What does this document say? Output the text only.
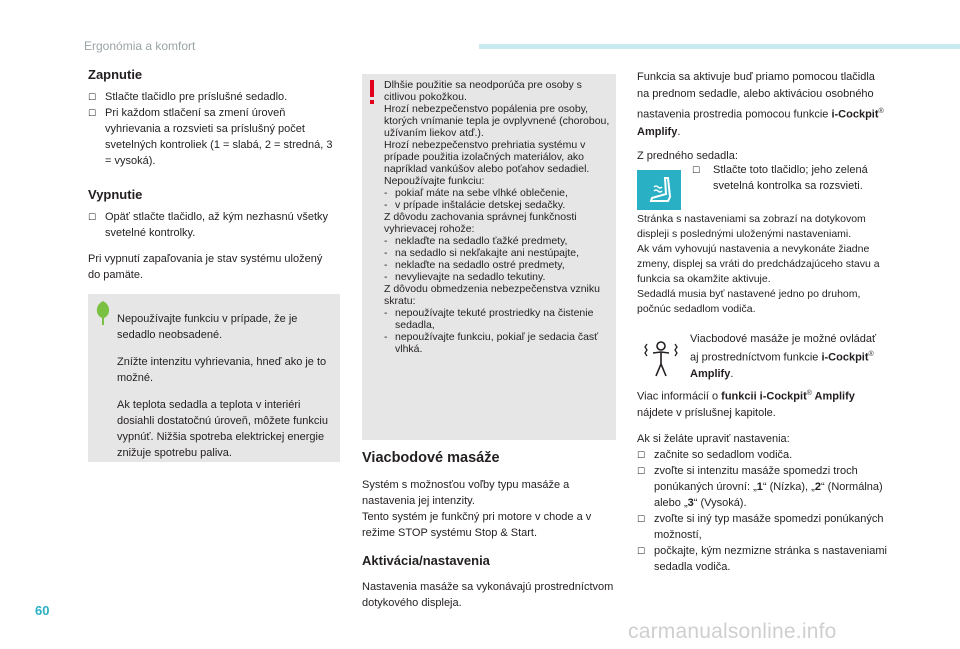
Ergonómia a komfort
Zapnutie
☐ Stlačte tlačidlo pre príslušné sedadlo.
☐ Pri každom stlačení sa zmení úroveň vyhrievania a rozsvieti sa príslušný počet svetelných kontroliek (1 = slabá, 2 = stredná, 3 = vysoká).
Vypnutie
☐ Opäť stlačte tlačidlo, až kým nezhasnú všetky svetelné kontrolky.

Pri vypnutí zapaľovania je stav systému uložený do pamäte.

Nepoužívajte funkciu v prípade, že je sedadlo neobsadené.

Znížte intenzitu vyhrievania, hneď ako je to možné.

Ak teplota sedadla a teplota v interiéri dosiahli dostatočnú úroveň, môžete funkciu vypnúť. Nižšia spotreba elektrickej energie znižuje spotrebu paliva.

Dlhšie použitie sa neodporúča pre osoby s citlivou pokožkou.

Hrozí nebezpečenstvo popálenia pre osoby, ktorých vnímanie tepla je ovplyvnené (chorobou, užívaním liekov atď.).

Hrozí nebezpečenstvo prehriatia systému v prípade použitia izolačných materiálov, ako napríklad vankúšov alebo poťahov sedadiel.

Nepoužívajte funkciu:

- pokiaľ máte na sebe vlhké oblečenie,
- v prípade inštalácie detskej sedačky.

Z dôvodu zachovania správnej funkčnosti vyhrievacej rohože:

- neklaďte na sedadlo ťažké predmety,
- na sedadlo si nekľakajte ani nestúpajte,
- neklaďte na sedadlo ostré predmety,
- nevylievajte na sedadlo tekutiny.

Z dôvodu obmedzenia nebezpečenstva vzniku skratu:

- nepoužívajte tekuté prostriedky na čistenie sedadla,
- nepoužívajte funkciu, pokiaľ je sedacia časť vlhká.
Viacbodové masáže

Systém s možnosťou voľby typu masáže a nastavenia jej intenzity.

Tento systém je funkčný pri motore v chode a v režime STOP systému Stop & Start.

Aktivácia/nastavenia

Nastavenia masáže sa vykonávajú prostredníctvom dotykového displeja.

Funkcia sa aktivuje buď priamo pomocou tlačidla na prednom sedadle, alebo aktiváciou osobného nastavenia prostredia pomocou funkcie i-Cockpit® Amplify.

Z predného sedadla:

☐ Stlačte toto tlačidlo; jeho zelená svetelná kontrolka sa rozsvieti.

Stránka s nastaveniami sa zobrazí na dotykovom displeji s poslednými uloženými nastaveniami.

Ak vám vyhovujú nastavenia a nevykonáte žiadne zmeny, displej sa vráti do predchádzajúceho stavu a funkcia sa okamžite aktivuje.

Sedadlá musia byť nastavené jedno po druhom, počnúc sedadlom vodiča.

Viacbodové masáže je možné ovládať aj prostredníctvom funkcie i-Cockpit® Amplify.

Viac informácií o funkcii i-Cockpit® Amplify nájdete v príslušnej kapitole.

Ak si želáte upraviť nastavenia:

☐ začnite so sedadlom vodiča.
☐ zvoľte si intenzitu masáže spomedzi troch ponúkaných úrovní: „1“ (Nízka), „2“ (Normálna) alebo „3“ (Vysoká).
☐ zvoľte si iný typ masáže spomedzi ponúkaných možností,
☐ počkajte, kým nezmizne stránka s nastaveniami sedadla vodiča.
60
carmanualsonline.info
